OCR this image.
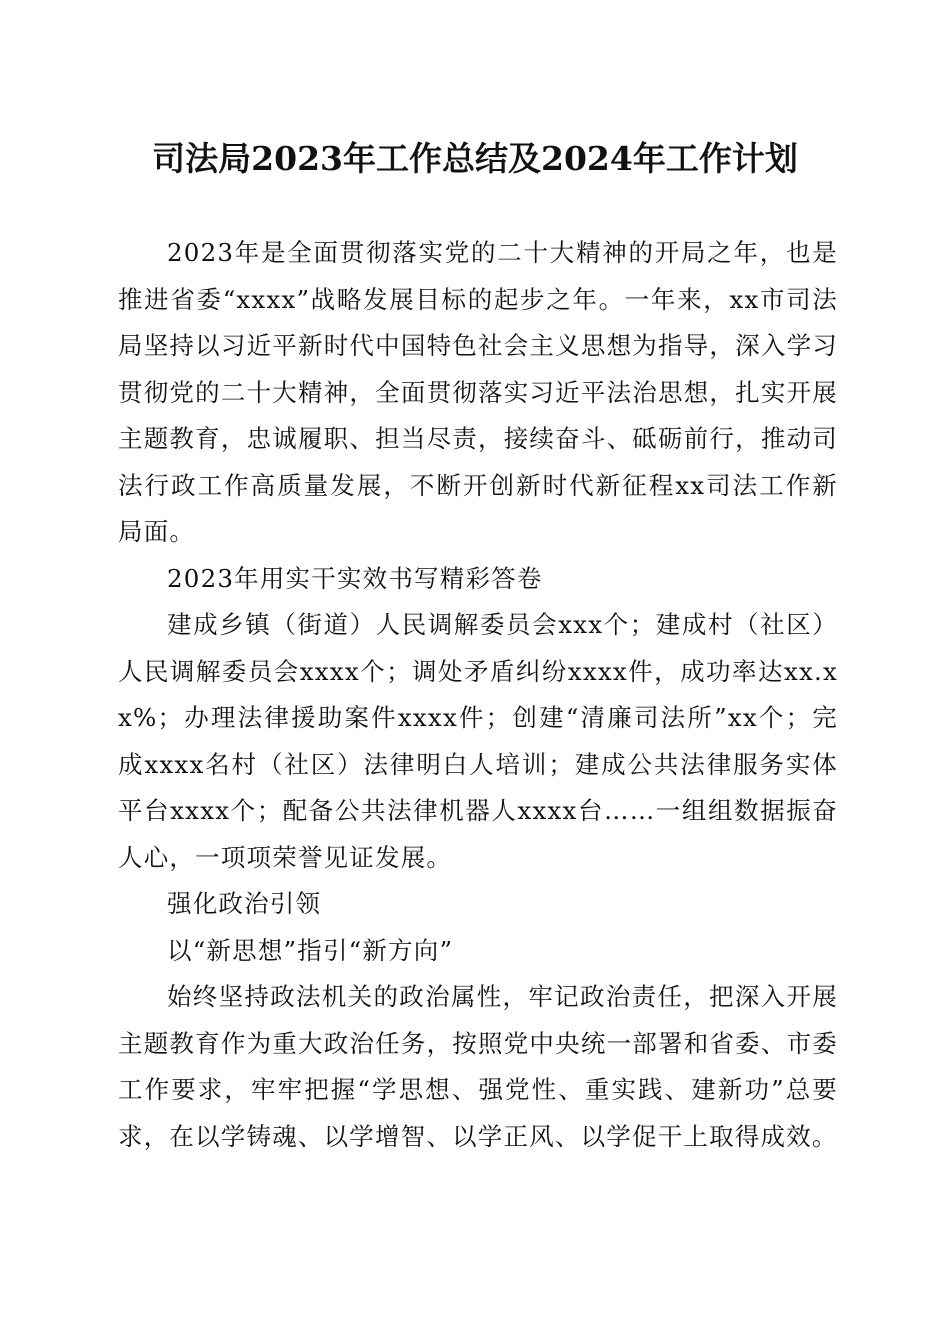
司法局2023年工作总结及2024年工作计划

2023年是全面贯彻落实党的二十大精神的开局之年，也是推进省委“xxxx”战略发展目标的起步之年。一年来，xx市司法局坚持以习近平新时代中国特色社会主义思想为指导，深入学习贯彻党的二十大精神，全面贯彻落实习近平法治思想，扎实开展主题教育，忠诚履职、担当尽责，接续奋斗、砥砺前行，推动司法行政工作高质量发展，不断开创新时代新征程xx司法工作新局面。

2023年用实干实效书写精彩答卷

建成乡镇（街道）人民调解委员会xxx个；建成村（社区）人民调解委员会xxxx个；调处矛盾纠纷xxxx件，成功率达xx.xx%；办理法律援助案件xxxx件；创建“清廉司法所”xx个；完成xxxx名村（社区）法律明白人培训；建成公共法律服务实体平台xxxx个；配备公共法律机器人xxxx台……一组组数据振奋人心，一项项荣誉见证发展。

强化政治引领

以“新思想”指引“新方向”

始终坚持政法机关的政治属性，牢记政治责任，把深入开展主题教育作为重大政治任务，按照党中央统一部署和省委、市委工作要求，牢牢把握“学思想、强党性、重实践、建新功”总要求，在以学铸魂、以学增智、以学正风、以学促干上取得成效。
